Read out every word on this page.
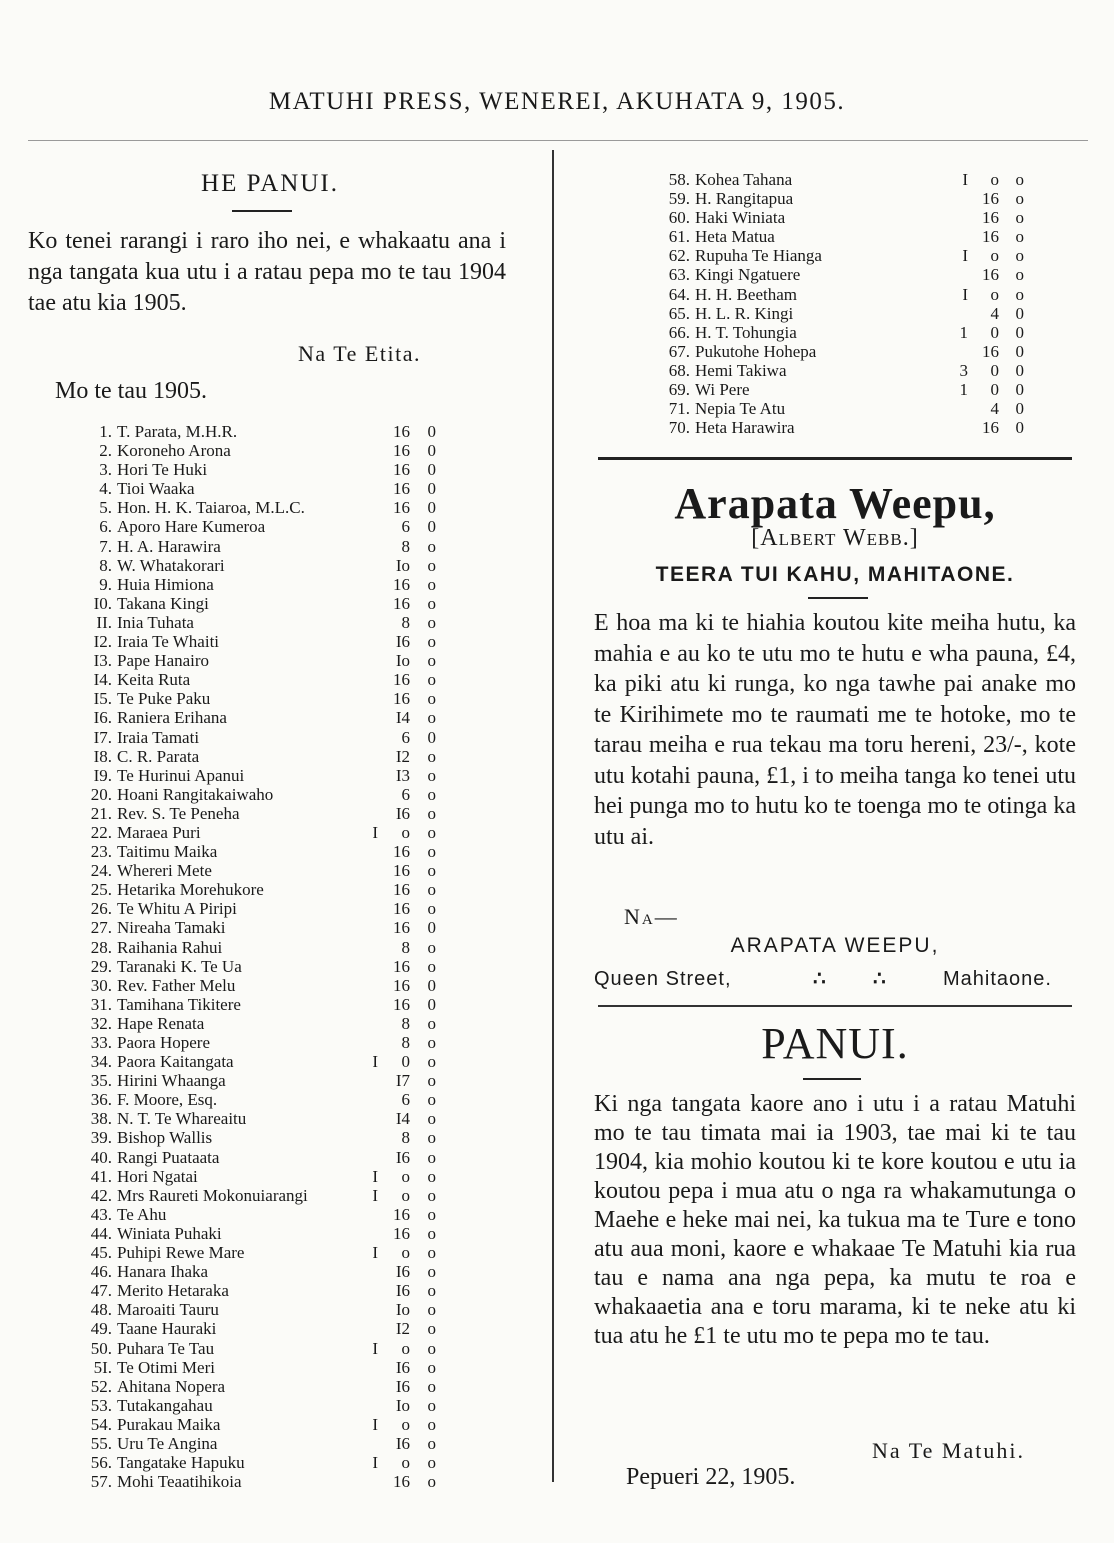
MATUHI PRESS, WENEREI, AKUHATA 9, 1905.
HE PANUI.
Ko tenei rarangi i raro iho nei, e whakaatu ana i nga tangata kua utu i a ratau pepa mo te tau 1904 tae atu kia 1905.
Na Te Etita.
Mo te tau 1905.
1. T. Parata, M.H.R.	16	0
2. Koroneho Arona	16	0
3. Hori Te Huki	16	0
4. Tioi Waaka	16	0
5. Hon. H. K. Taiaroa, M.L.C.	16	0
6. Aporo Hare Kumeroa	6	0
7. H. A. Harawira	8	o
8. W. Whatakorari	Io	o
9. Huia Himiona	16	o
I0. Takana Kingi	16	o
II. Inia Tuhata	8	o
I2. Iraia Te Whaiti	I6	o
I3. Pape Hanairo	Io	o
I4. Keita Ruta	16	o
I5. Te Puke Paku	16	o
I6. Raniera Erihana	I4	o
I7. Iraia Tamati	6	0
I8. C. R. Parata	I2	o
I9. Te Hurinui Apanui	I3	o
20. Hoani Rangitakaiwaho	6	o
21. Rev. S. Te Peneha	I6	o
22. Maraea Puri	I	o	o
23. Taitimu Maika	16	o
24. Whereri Mete	16	o
25. Hetarika Morehukore	16	o
26. Te Whitu A Piripi	16	o
27. Nireaha Tamaki	16	0
28. Raihania Rahui	8	o
29. Taranaki K. Te Ua	16	o
30. Rev. Father Melu	16	0
31. Tamihana Tikitere	16	0
32. Hape Renata	8	o
33. Paora Hopere	8	o
34. Paora Kaitangata	I	0	o
35. Hirini Whaanga	I7	o
36. F. Moore, Esq.	6	o
38. N. T. Te Whareaitu	I4	o
39. Bishop Wallis	8	o
40. Rangi Puataata	I6	o
41. Hori Ngatai	I	o	o
42. Mrs Raureti Mokonuiarangi	I	o	o
43. Te Ahu	16	o
44. Winiata Puhaki	16	o
45. Puhipi Rewe Mare	I	o	o
46. Hanara Ihaka	I6	o
47. Merito Hetaraka	I6	o
48. Maroaiti Tauru	Io	o
49. Taane Hauraki	I2	o
50. Puhara Te Tau	I	o	o
5I. Te Otimi Meri	I6	o
52. Ahitana Nopera	I6	o
53. Tutakangahau	Io	o
54. Purakau Maika	I	o	o
55. Uru Te Angina	I6	o
56. Tangatake Hapuku	I	o	o
57. Mohi Teaatihikoia	16	o
58. Kohea Tahana	I	o o
59. H. Rangitapua	16 o
60. Haki Winiata	16 o
61. Heta Matua	16 o
62. Rupuha Te Hianga	I	o o
63. Kingi Ngatuere	16 o
64. H. H. Beetham	I	o o
65. H. L. R. Kingi	4 0
66. H. T. Tohungia	1	0 0
67. Pukutohe Hohepa	16 0
68. Hemi Takiwa	3	0 0
69. Wi Pere	1	0 0
71. Nepia Te Atu	4 0
70. Heta Harawira	16 0
Arapata Weepu,
[Albert Webb.]
TEERA TUI KAHU, MAHITAONE.
E hoa ma ki te hiahia koutou kite meiha hutu, ka mahia e au ko te utu mo te hutu e wha pauna, £4, ka piki atu ki runga, ko nga tawhe pai anake mo te Kirihimete mo te raumati me te hotoke, mo te tarau meiha e rua tekau ma toru hereni, 23/-, kote utu kotahi pauna, £1, i to meiha tanga ko tenei utu hei punga mo to hutu ko te toenga mo te otinga ka utu ai.
Na—
ARAPATA WEEPU,
Queen Street,	∴ ∴	Mahitaone.
PANUI.
Ki nga tangata kaore ano i utu i a ratau Matuhi mo te tau timata mai ia 1903, tae mai ki te tau 1904, kia mohio koutou ki te kore koutou e utu ia koutou pepa i mua atu o nga ra whakamutunga o Maehe e heke mai nei, ka tukua ma te Ture e tono atu aua moni, kaore e whakaae Te Matuhi kia rua tau e nama ana nga pepa, ka mutu te roa e whakaaetia ana e toru marama, ki te neke atu ki tua atu he £1 te utu mo te pepa mo te tau.
Na Te Matuhi.
Pepueri 22, 1905.
